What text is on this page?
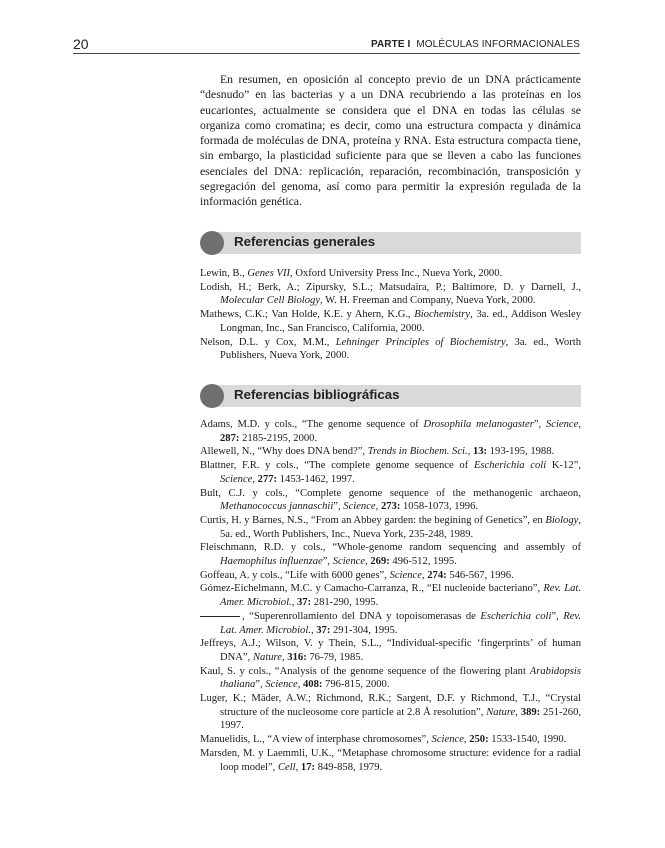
20	PARTE I MOLÉCULAS INFORMACIONALES

En resumen, en oposición al concepto previo de un DNA prácticamente “desnudo” en las bacterias y a un DNA recubriendo a las proteínas en los eucariontes, actualmente se considera que el DNA en todas las células se organiza como cromatina; es decir, como una estructura compacta y dinámica formada de moléculas de DNA, proteína y RNA. Esta estructura compacta tiene, sin embargo, la plasticidad suficiente para que se lleven a cabo las funciones esenciales del DNA: replicación, reparación, recombinación, transposición y segregación del genoma, así como para permitir la expresión regulada de la información genética.

Referencias generales

Lewin, B., Genes VII, Oxford University Press Inc., Nueva York, 2000.

Lodish, H.; Berk, A.; Zipursky, S.L.; Matsudaira, P.; Baltimore, D. y Darnell, J., Molecular Cell Biology, W. H. Freeman and Company, Nueva York, 2000.

Mathews, C.K.; Van Holde, K.E. y Ahern, K.G., Biochemistry, 3a. ed., Addison Wesley Longman, Inc., San Francisco, California, 2000.

Nelson, D.L. y Cox, M.M., Lehninger Principles of Biochemistry, 3a. ed., Worth Publishers, Nueva York, 2000.

Referencias bibliográficas

Adams, M.D. y cols., “The genome sequence of Drosophila melanogaster”, Science, 287: 2185-2195, 2000.

Allewell, N., “Why does DNA bend?”, Trends in Biochem. Sci., 13: 193-195, 1988.

Blattner, F.R. y cols., “The complete genome sequence of Escherichia coli K-12”, Science, 277: 1453-1462, 1997.

Bult, C.J. y cols., “Complete genome sequence of the methanogenic archaeon, Methanococcus jannaschii”, Science, 273: 1058-1073, 1996.

Curtis, H. y Barnes, N.S., “From an Abbey garden: the begining of Genetics”, en Biology, 5a. ed., Worth Publishers, Inc., Nueva York, 235-248, 1989.

Fleischmann, R.D. y cols., “Whole-genome random sequencing and assembly of Haemophilus influenzae”, Science, 269: 496-512, 1995.

Goffeau, A. y cols., “Life with 6000 genes”, Science, 274: 546-567, 1996.

Gómez-Eichelmann, M.C. y Camacho-Carranza, R., “El nucleoide bacteriano”, Rev. Lat. Amer. Microbiol., 37: 281-290, 1995.

, “Superenrollamiento del DNA y topoisomerasas de Escherichia coli”, Rev. Lat. Amer. Microbiol., 37: 291-304, 1995.

Jeffreys, A.J.; Wilson, V. y Thein, S.L., “Individual-specific ‘fingerprints’ of human DNA”, Nature, 316: 76-79, 1985.

Kaul, S. y cols., “Analysis of the genome sequence of the flowering plant Arabidopsis thaliana”, Science, 408: 796-815, 2000.

Luger, K.; Mäder, A.W.; Richmond, R.K.; Sargent, D.F. y Richmond, T.J., “Crystal structure of the nucleosome core particle at 2.8 Å resolution”, Nature, 389: 251-260, 1997.

Manuelidis, L., “A view of interphase chromosomes”, Science, 250: 1533-1540, 1990.

Marsden, M. y Laemmli, U.K., “Metaphase chromosome structure: evidence for a radial loop model”, Cell, 17: 849-858, 1979.
